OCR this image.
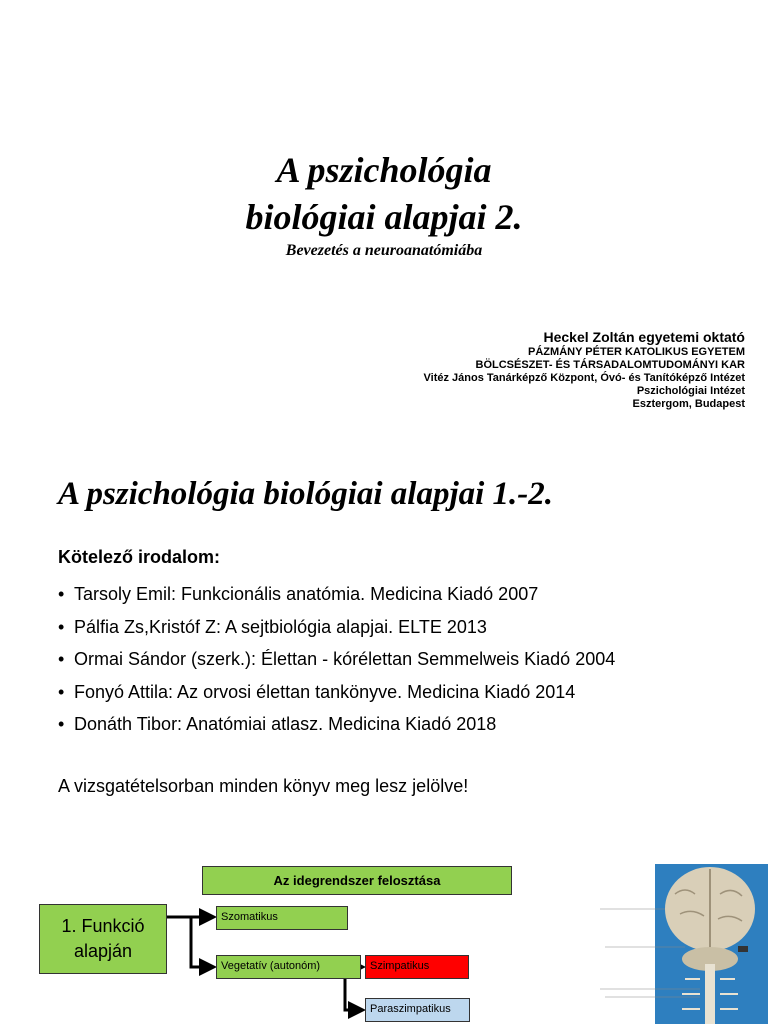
A pszichológia
biológiai alapjai 2.
Bevezetés a neuroanatómiába
Heckel Zoltán egyetemi oktató
PÁZMÁNY PÉTER KATOLIKUS EGYETEM
BÖLCSÉSZET- ÉS TÁRSADALOMTUDOMÁNYI KAR
Vitéz János Tanárképző Központ, Óvó- és Tanítóképző Intézet
Pszichológiai Intézet
Esztergom, Budapest
A pszichológia biológiai alapjai 1.-2.
Kötelező irodalom:
• Tarsoly Emil: Funkcionális anatómia. Medicina Kiadó 2007
• Pálfia Zs,Kristóf Z: A sejtbiológia alapjai. ELTE 2013
• Ormai Sándor (szerk.): Élettan - kórélettan Semmelweis Kiadó 2004
• Fonyó Attila: Az orvosi élettan tankönyve. Medicina Kiadó 2014
• Donáth Tibor: Anatómiai atlasz. Medicina Kiadó 2018
A vizsgatételsorban minden könyv meg lesz jelölve!
Az idegrendszer felosztása
1. Funkció
alapján
Szomatikus
Vegetatív (autonóm)	Szimpatikus
Paraszimpatikus
